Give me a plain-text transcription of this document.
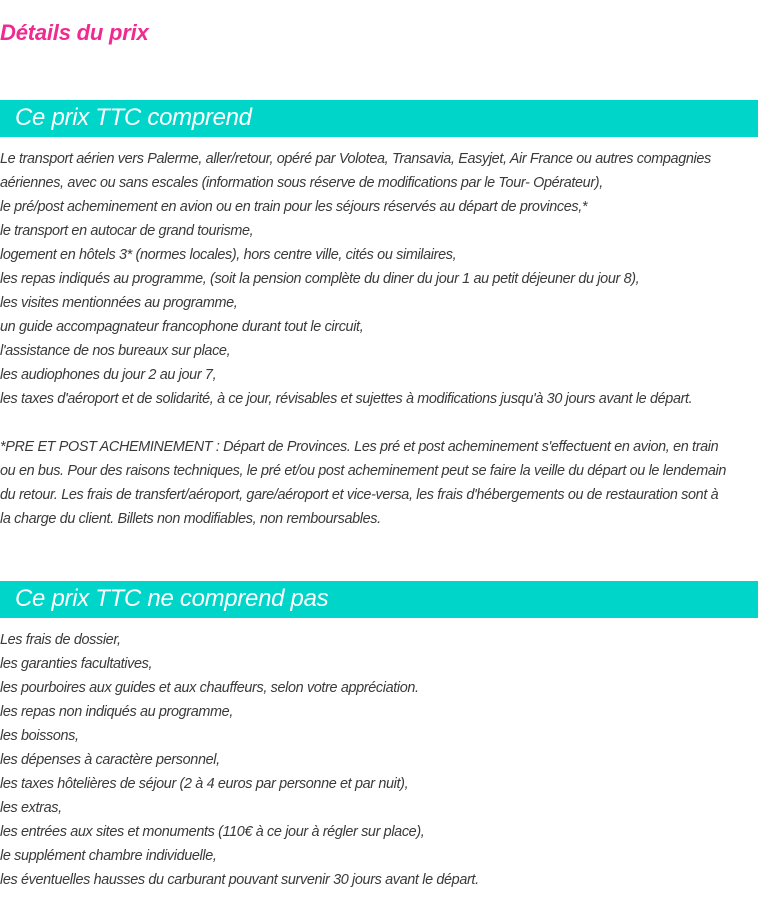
Détails du prix
Ce prix TTC comprend
Le transport aérien vers Palerme, aller/retour, opéré par Volotea, Transavia, Easyjet, Air France ou autres compagnies
aériennes, avec ou sans escales (information sous réserve de modifications par le Tour- Opérateur),
le pré/post acheminement en avion ou en train pour les séjours réservés au départ de provinces,*
le transport en autocar de grand tourisme,
logement en hôtels 3* (normes locales), hors centre ville, cités ou similaires,
les repas indiqués au programme, (soit la pension complète du diner du jour 1 au petit déjeuner du jour 8),
les visites mentionnées au programme,
un guide accompagnateur francophone durant tout le circuit,
l'assistance de nos bureaux sur place,
les audiophones du jour 2 au jour 7,
les taxes d'aéroport et de solidarité, à ce jour, révisables et sujettes à modifications jusqu'à 30 jours avant le départ.
*PRE ET POST ACHEMINEMENT : Départ de Provinces. Les pré et post acheminement s'effectuent en avion, en train
ou en bus. Pour des raisons techniques, le pré et/ou post acheminement peut se faire la veille du départ ou le lendemain
du retour. Les frais de transfert/aéroport, gare/aéroport et vice-versa, les frais d'hébergements ou de restauration sont à
la charge du client. Billets non modifiables, non remboursables.
Ce prix TTC ne comprend pas
Les frais de dossier,
les garanties facultatives,
les pourboires aux guides et aux chauffeurs, selon votre appréciation.
les repas non indiqués au programme,
les boissons,
les dépenses à caractère personnel,
les taxes hôtelières de séjour (2 à 4 euros par personne et par nuit),
les extras,
les entrées aux sites et monuments (110€ à ce jour à régler sur place),
le supplément chambre individuelle,
les éventuelles hausses du carburant pouvant survenir 30 jours avant le départ.
